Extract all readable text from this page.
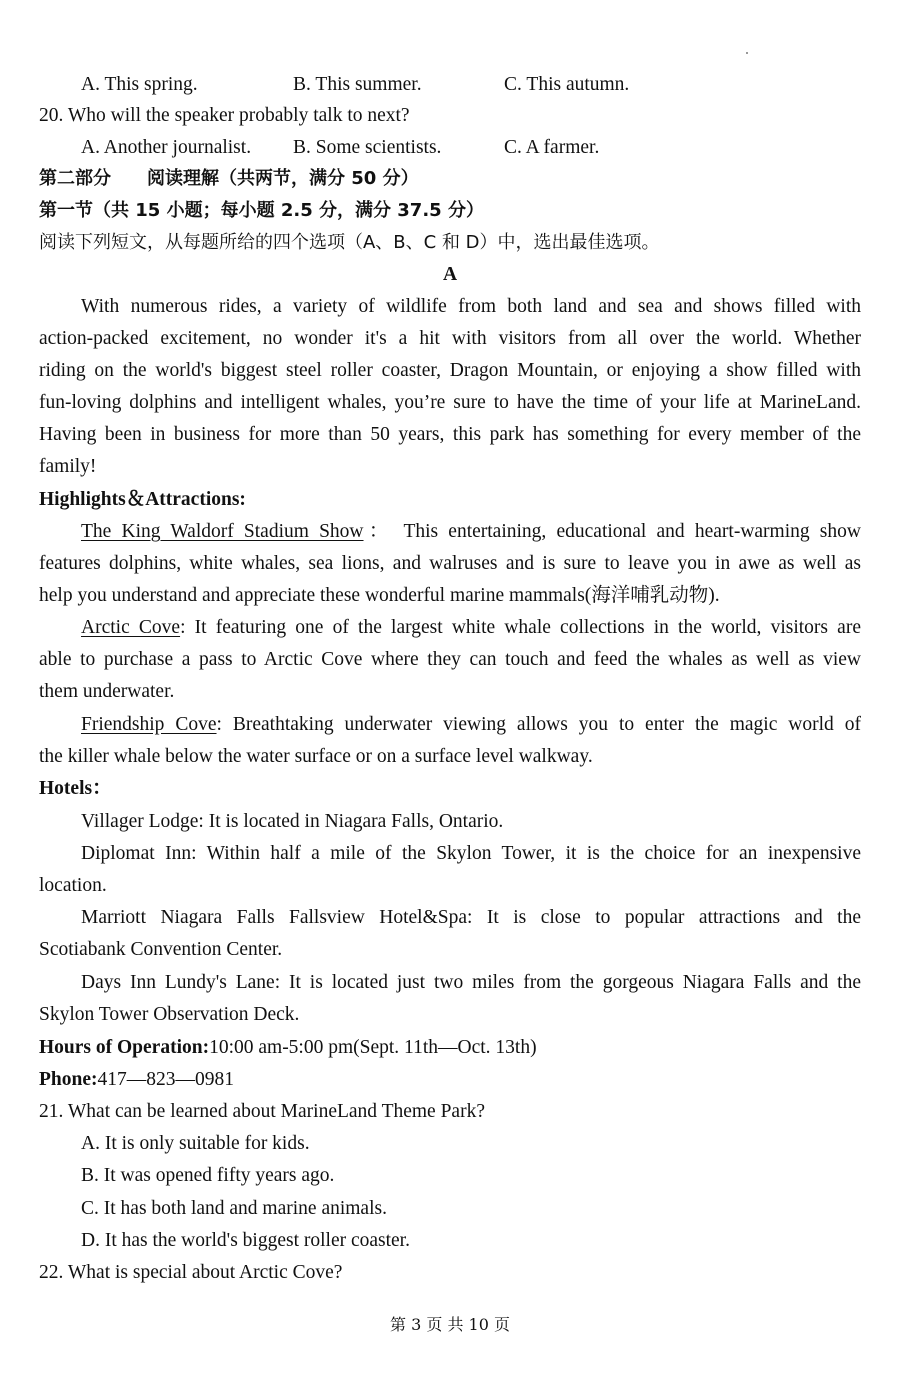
A. This spring.	B. This summer.	C. This autumn.
20. Who will the speaker probably talk to next?
A. Another journalist. B. Some scientists.	C. A farmer.
第二部分　　阅读理解（共两节，满分 50 分）
第一节（共 15 小题；每小题 2.5 分，满分 37.5 分）
阅读下列短文，从每题所给的四个选项（A、B、C 和 D）中，选出最佳选项。
A
With numerous rides, a variety of wildlife from both land and sea and shows filled with
action-packed excitement, no wonder it's a hit with visitors from all over the world. Whether
riding on the world's biggest steel roller coaster, Dragon Mountain, or enjoying a show filled with
fun-loving dolphins and intelligent whales, you’re sure to have the time of your life at MarineLand.
Having been in business for more than 50 years, this park has something for every member of the
family!
Highlights＆Attractions:
The King Waldorf Stadium Show： This entertaining, educational and heart-warming show
features dolphins, white whales, sea lions, and walruses and is sure to leave you in awe as well as
help you understand and appreciate these wonderful marine mammals(海洋哺乳动物).
Arctic Cove: It featuring one of the largest white whale collections in the world, visitors are
able to purchase a pass to Arctic Cove where they can touch and feed the whales as well as view
them underwater.
Friendship Cove: Breathtaking underwater viewing allows you to enter the magic world of
the killer whale below the water surface or on a surface level walkway.
Hotels：
Villager Lodge: It is located in Niagara Falls, Ontario.
Diplomat Inn: Within half a mile of the Skylon Tower, it is the choice for an inexpensive
location.
Marriott Niagara Falls Fallsview Hotel&Spa: It is close to popular attractions and the
Scotiabank Convention Center.
Days Inn Lundy's Lane: It is located just two miles from the gorgeous Niagara Falls and the
Skylon Tower Observation Deck.
Hours of Operation:10:00 am-5:00 pm(Sept. 11th—Oct. 13th)
Phone:417—823—0981
21. What can be learned about MarineLand Theme Park?
A. It is only suitable for kids.
B. It was opened fifty years ago.
C. It has both land and marine animals.
D. It has the world's biggest roller coaster.
22. What is special about Arctic Cove?
第 3 页 共 10 页
